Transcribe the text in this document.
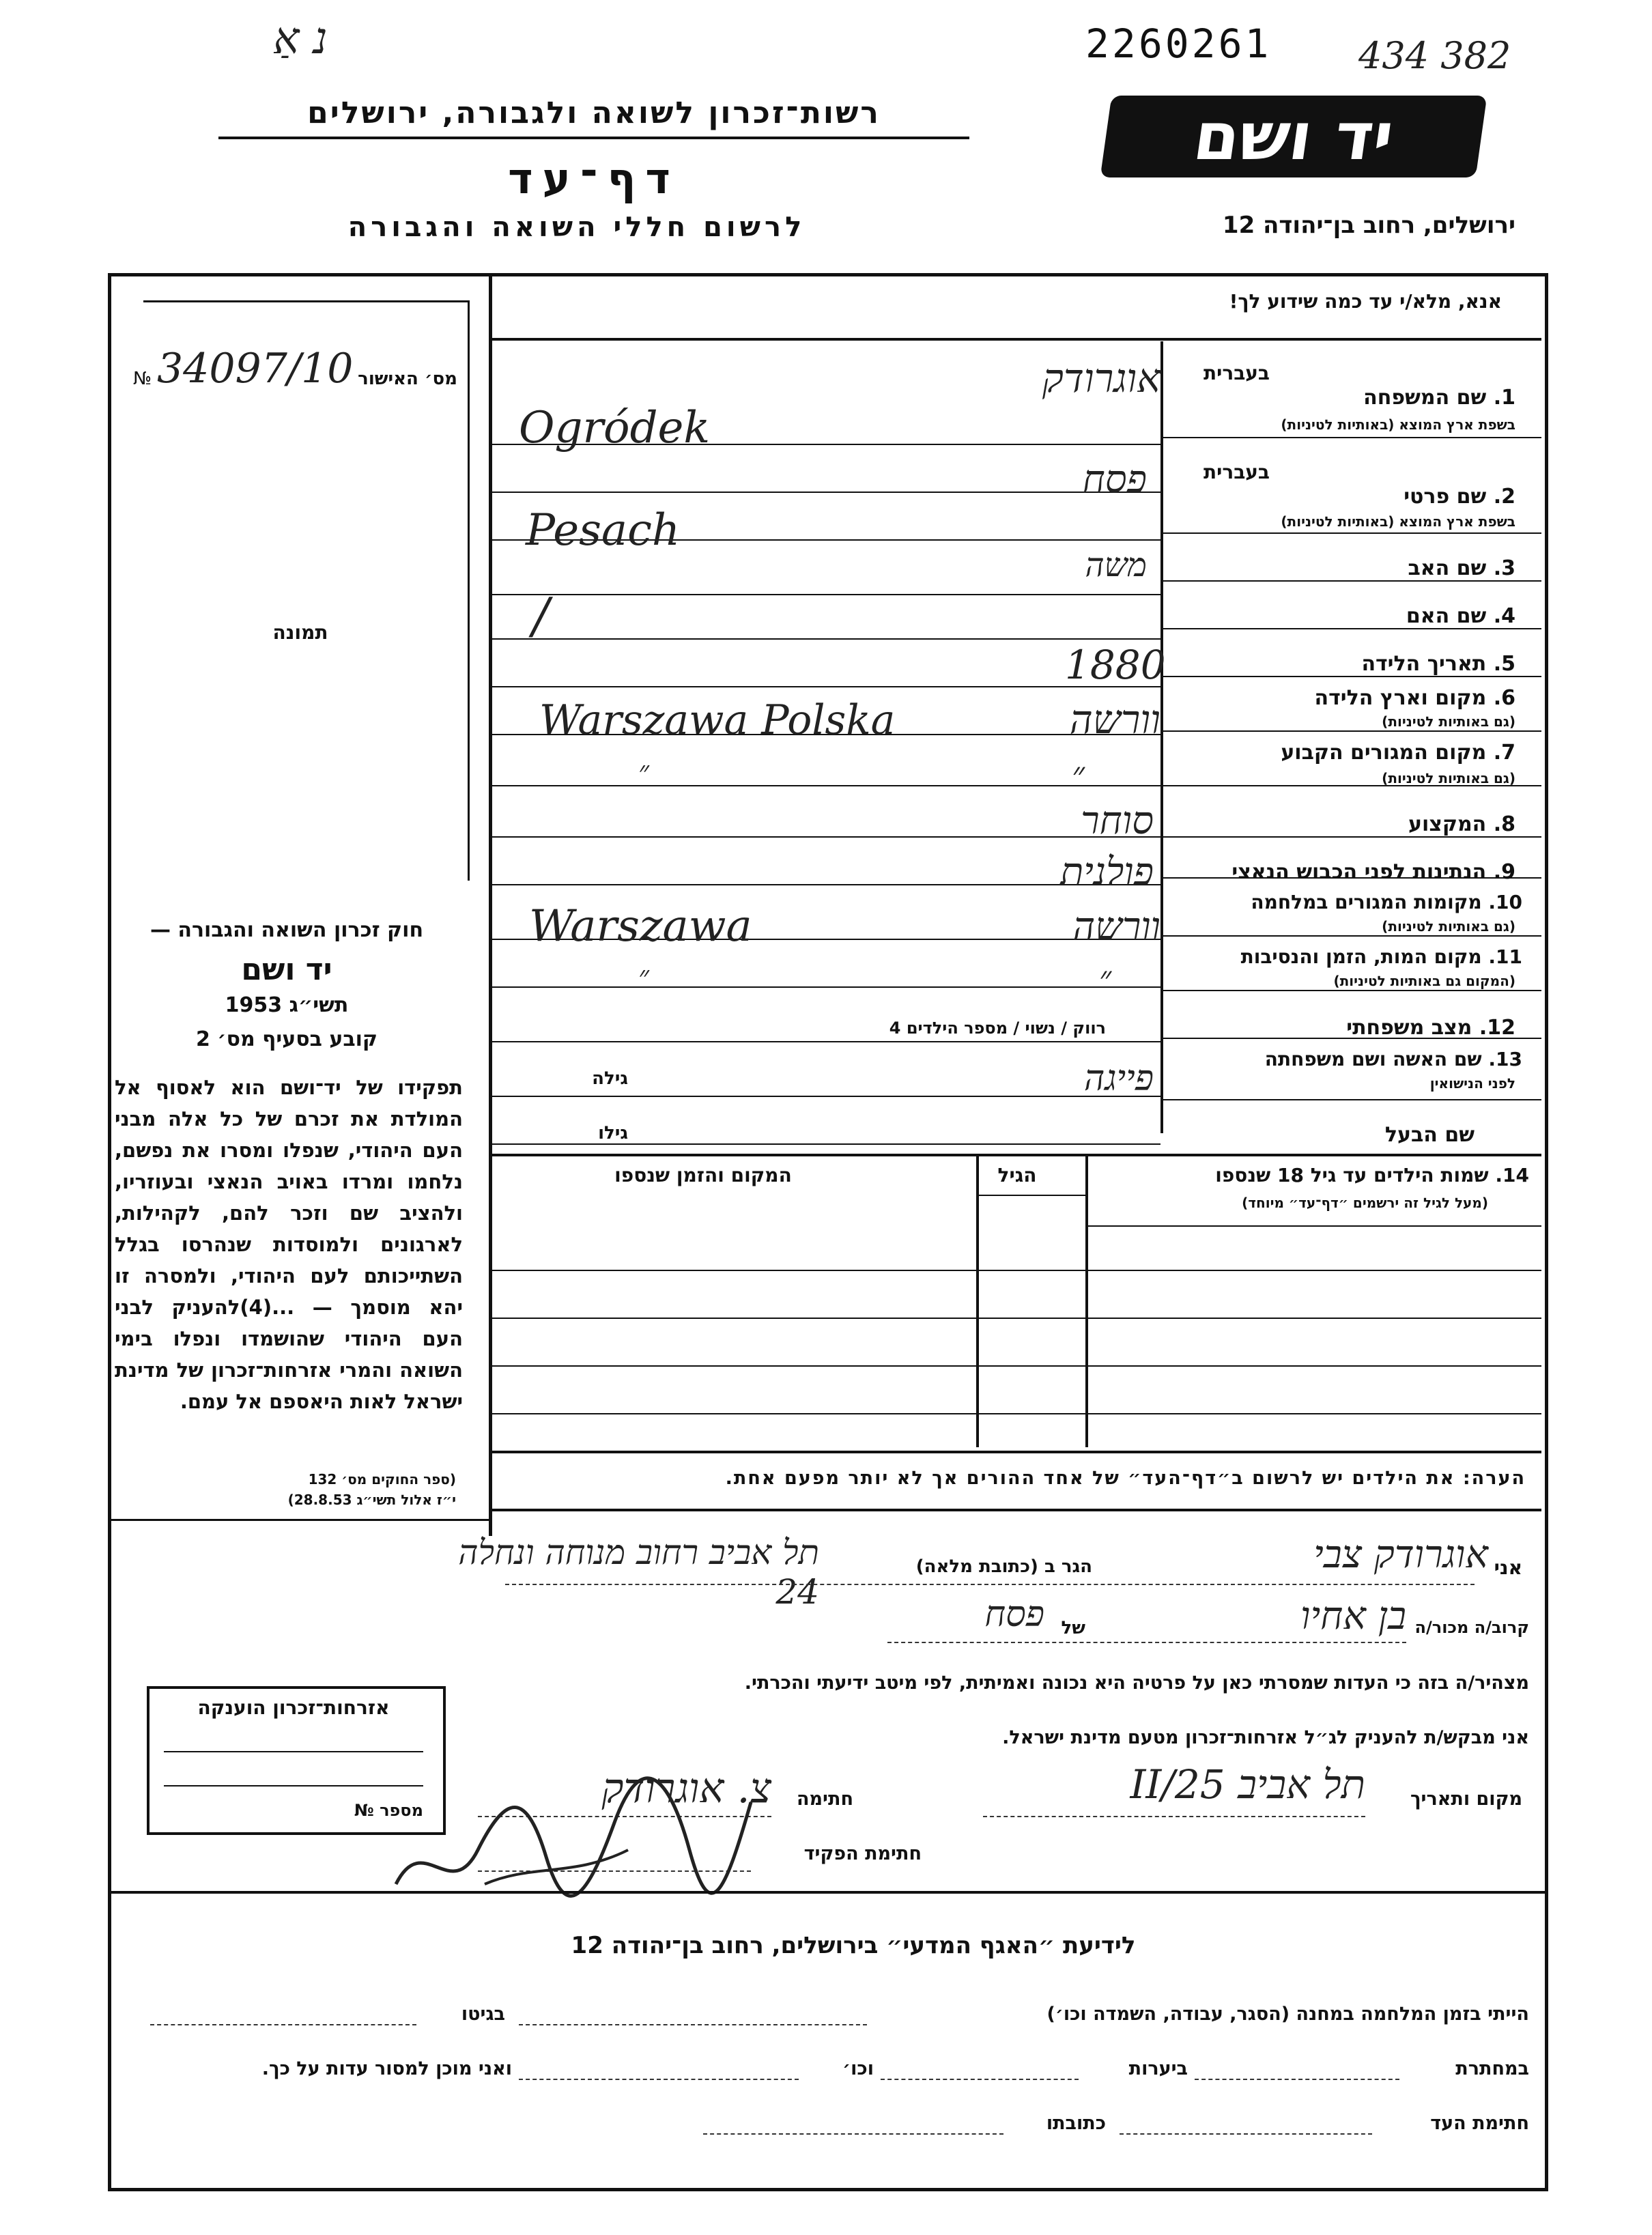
נ אַ	2260261 434 382
רשות־זכרון לשואה ולגבורה, ירושלים
דף־עד
לרשום חללי השואה והגבורה
יד ושם
ירושלים, רחוב בן־יהודה 12
אנא, מלא/י עד כמה שידוע לך!
№ 34097/10 מס׳ האישור
תמונה
1. שם המשפחה
בשפת ארץ המוצא (באותיות לטיניות)
בעברית
אוגרודק
Ogródek
2. שם פרטי
בשפת ארץ המוצא (באותיות לטיניות)
בעברית
פסח
Pesach
3. שם האב
משה
4. שם האם
/
5. תאריך הלידה
1880
6. מקום וארץ הלידה
(גם באותיות לטיניות)
וורשה
Warszawa Polska
7. מקום המגורים הקבוע
(גם באותיות לטיניות)
״
״
8. המקצוע
סוחר
9. הנתינות לפני הכבוש הנאצי
פולנית
10. מקומות המגורים במלחמה
(גם באותיות לטיניות)
וורשה
Warszawa
11. מקום המות, הזמן והנסיבות
(המקום גם באותיות לטיניות)
״
״
12. מצב משפחתי
רווק / נשוי / מספר הילדים 4
13. שם האשה ושם משפחתה
לפני הנישואין
פייגה
גילה
שם הבעל
גילו
14. שמות הילדים עד גיל 18 שנספו
(מעל לגיל זה ירשמים ״דף־עד״ מיוחד)
הגיל
המקום והזמן שנספו
חוק זכרון השואה והגבורה —
יד ושם
תשי״ג 1953
קובע בסעיף מס׳ 2
תפקידו של יד־ושם הוא לאסוף אל המולדת את זכרם של כל אלה מבני העם היהודי, שנפלו ומסרו את נפשם, נלחמו ומרדו באויב הנאצי ובעוזריו, ולהציב שם וזכר להם, לקהילות, לארגונים ולמוסדות שנהרסו בגלל השתייכותם לעם היהודי, ולמסרה זו יהא מוסמך — ...(4)להעניק לבני העם היהודי שהושמדו ונפלו בימי השואה והמרי אזרחות־זכרון של מדינת ישראל לאות היאספם אל עמם.
(ספר החוקים מס׳ 132
י״ז אלול תשי״ג 28.8.53)
הערה: את הילדים יש לרשום ב״דף־העד״ של אחד ההורים אך לא יותר מפעם אחת.
אני
אוגרודק צבי
הגר ב (כתובת מלאה)
תל אביב רחוב מנוחה ונחלה 24
קרוב/ה מכור/ה
בן אחיו
של
פסח
מצהיר/ה בזה כי העדות שמסרתי כאן על פרטיה היא נכונה ואמיתית, לפי מיטב ידיעתי והכרתי.
אני מבקש/ת להעניק לג״ל אזרחות־זכרון מטעם מדינת ישראל.
מקום ותאריך
תל אביב 25/II
חתימה
צ. אוגרודק
חתימת הפקיד
אזרחות־זכרון הוענקה
מספר №
לידיעת ״האגף המדעי״ בירושלים, רחוב בן־יהודה 12
הייתי בזמן המלחמה במחנה (הסגר, עבודה, השמדה וכו׳)
בגיטו
במחתרת
ביערות
וכו׳
ואני מוכן למסור עדות על כך.
חתימת העד
כתובתו
